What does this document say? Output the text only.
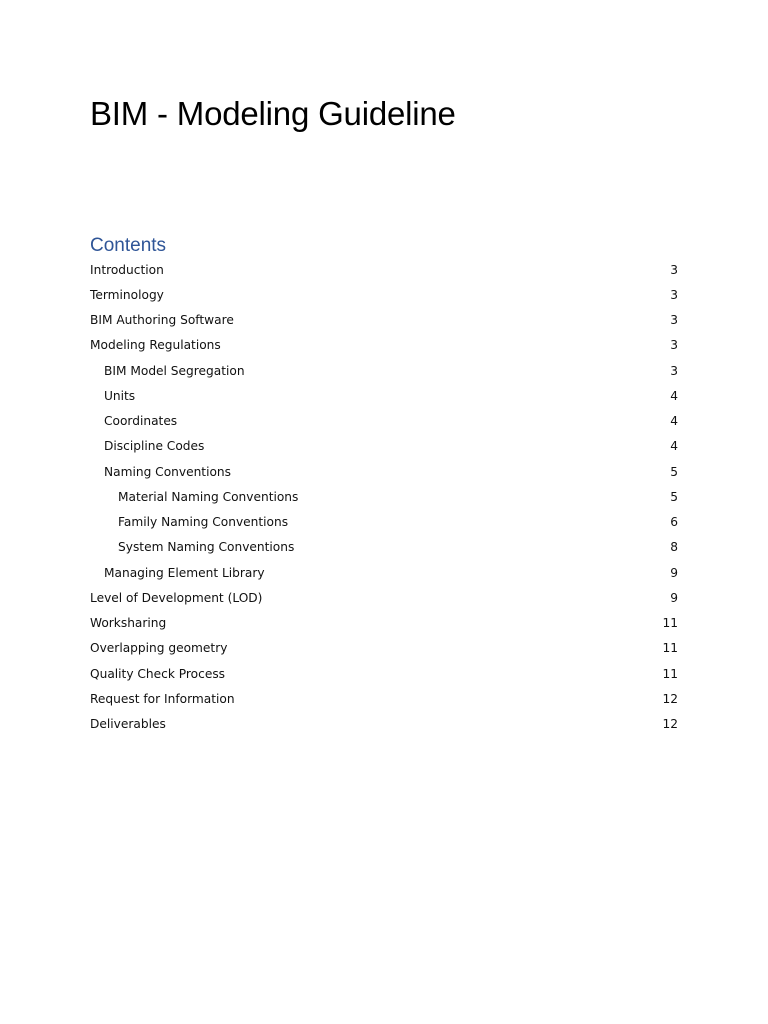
BIM - Modeling Guideline
Contents
Introduction	3
Terminology	3
BIM Authoring Software	3
Modeling Regulations	3
BIM Model Segregation	3
Units	4
Coordinates	4
Discipline Codes	4
Naming Conventions	5
Material Naming Conventions	5
Family Naming Conventions	6
System Naming Conventions	8
Managing Element Library	9
Level of Development (LOD)	9
Worksharing	11
Overlapping geometry	11
Quality Check Process	11
Request for Information	12
Deliverables	12
